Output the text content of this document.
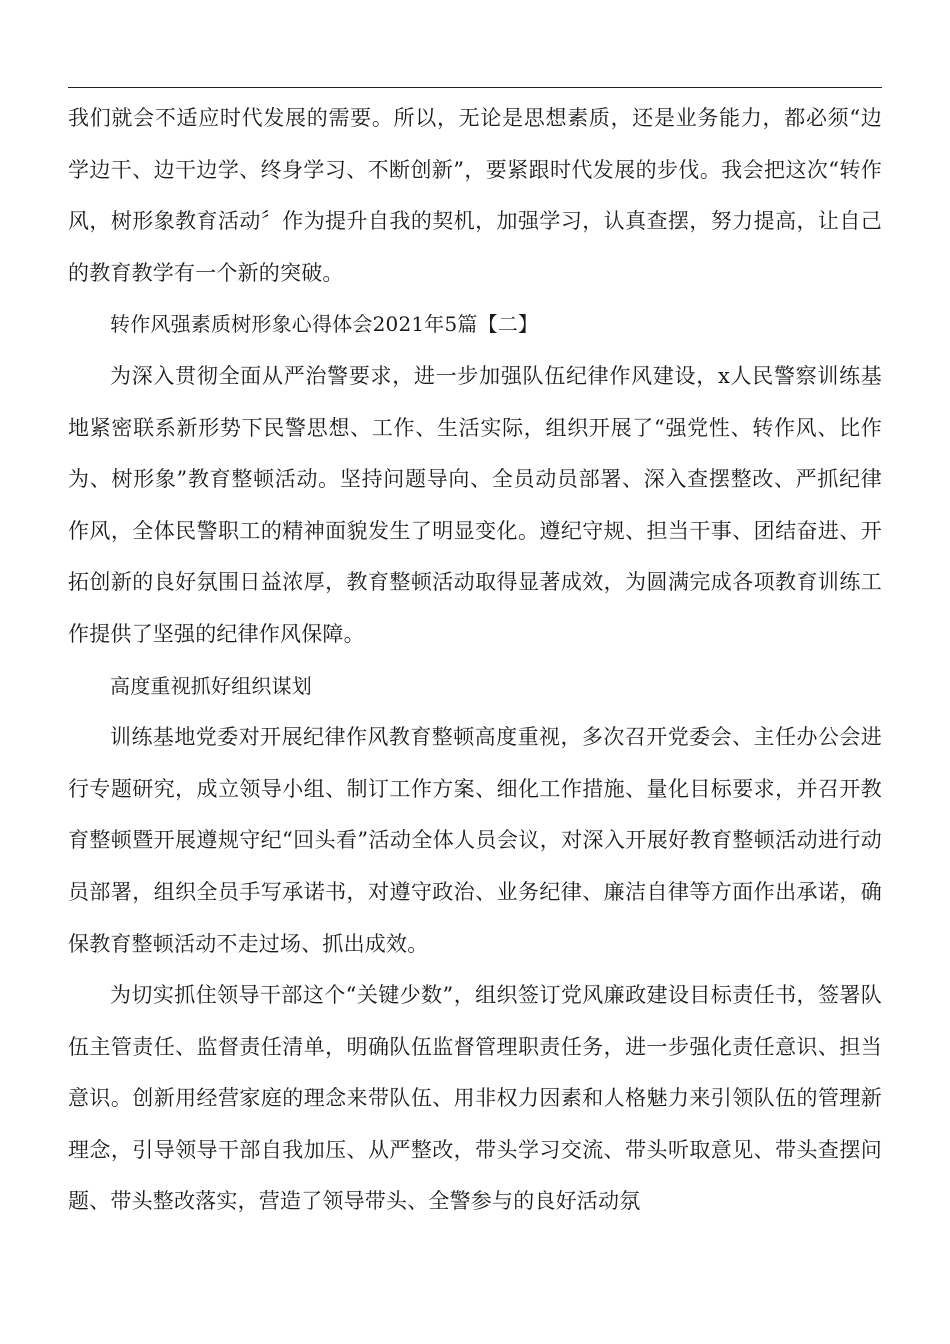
我们就会不适应时代发展的需要。所以，无论是思想素质，还是业务能力，都必须“边学边干、边干边学、终身学习、不断创新”，要紧跟时代发展的步伐。我会把这次“转作风，树形象教育活动〞作为提升自我的契机，加强学习，认真查摆，努力提高，让自己的教育教学有一个新的突破。

转作风强素质树形象心得体会2021年5篇【二】

为深入贯彻全面从严治警要求，进一步加强队伍纪律作风建设，x人民警察训练基地紧密联系新形势下民警思想、工作、生活实际，组织开展了“强党性、转作风、比作为、树形象”教育整顿活动。坚持问题导向、全员动员部署、深入查摆整改、严抓纪律作风，全体民警职工的精神面貌发生了明显变化。遵纪守规、担当干事、团结奋进、开拓创新的良好氛围日益浓厚，教育整顿活动取得显著成效，为圆满完成各项教育训练工作提供了坚强的纪律作风保障。

高度重视抓好组织谋划

训练基地党委对开展纪律作风教育整顿高度重视，多次召开党委会、主任办公会进行专题研究，成立领导小组、制订工作方案、细化工作措施、量化目标要求，并召开教育整顿暨开展遵规守纪“回头看”活动全体人员会议，对深入开展好教育整顿活动进行动员部署，组织全员手写承诺书，对遵守政治、业务纪律、廉洁自律等方面作出承诺，确保教育整顿活动不走过场、抓出成效。

为切实抓住领导干部这个“关键少数”，组织签订党风廉政建设目标责任书，签署队伍主管责任、监督责任清单，明确队伍监督管理职责任务，进一步强化责任意识、担当意识。创新用经营家庭的理念来带队伍、用非权力因素和人格魅力来引领队伍的管理新理念，引导领导干部自我加压、从严整改，带头学习交流、带头听取意见、带头查摆问题、带头整改落实，营造了领导带头、全警参与的良好活动氛
